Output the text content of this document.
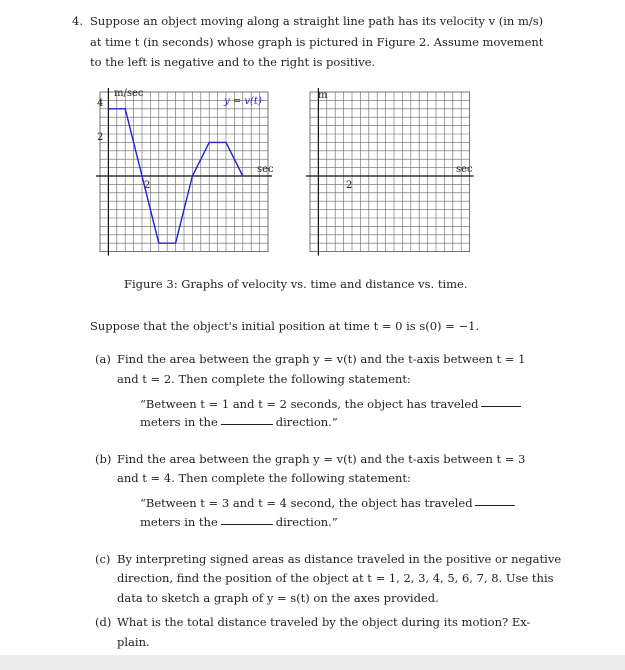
4. Suppose an object moving along a straight line path has its velocity v (in m/s)
at time t (in seconds) whose graph is pictured in Figure 2. Assume movement
to the left is negative and to the right is positive.
m/sec
y = v(t)
sec
4
2
2
m
sec
2
Figure 3: Graphs of velocity vs. time and distance vs. time.
Suppose that the object's initial position at time t = 0 is s(0) = −1.
(a) Find the area between the graph y = v(t) and the t-axis between t = 1
and t = 2. Then complete the following statement:
“Between t = 1 and t = 2 seconds, the object has traveled
meters in the	direction.”
(b) Find the area between the graph y = v(t) and the t-axis between t = 3
and t = 4. Then complete the following statement:
“Between t = 3 and t = 4 second, the object has traveled
meters in the	direction.”
(c) By interpreting signed areas as distance traveled in the positive or negative
direction, find the position of the object at t = 1, 2, 3, 4, 5, 6, 7, 8. Use this
data to sketch a graph of y = s(t) on the axes provided.
(d) What is the total distance traveled by the object during its motion? Ex-
plain.
